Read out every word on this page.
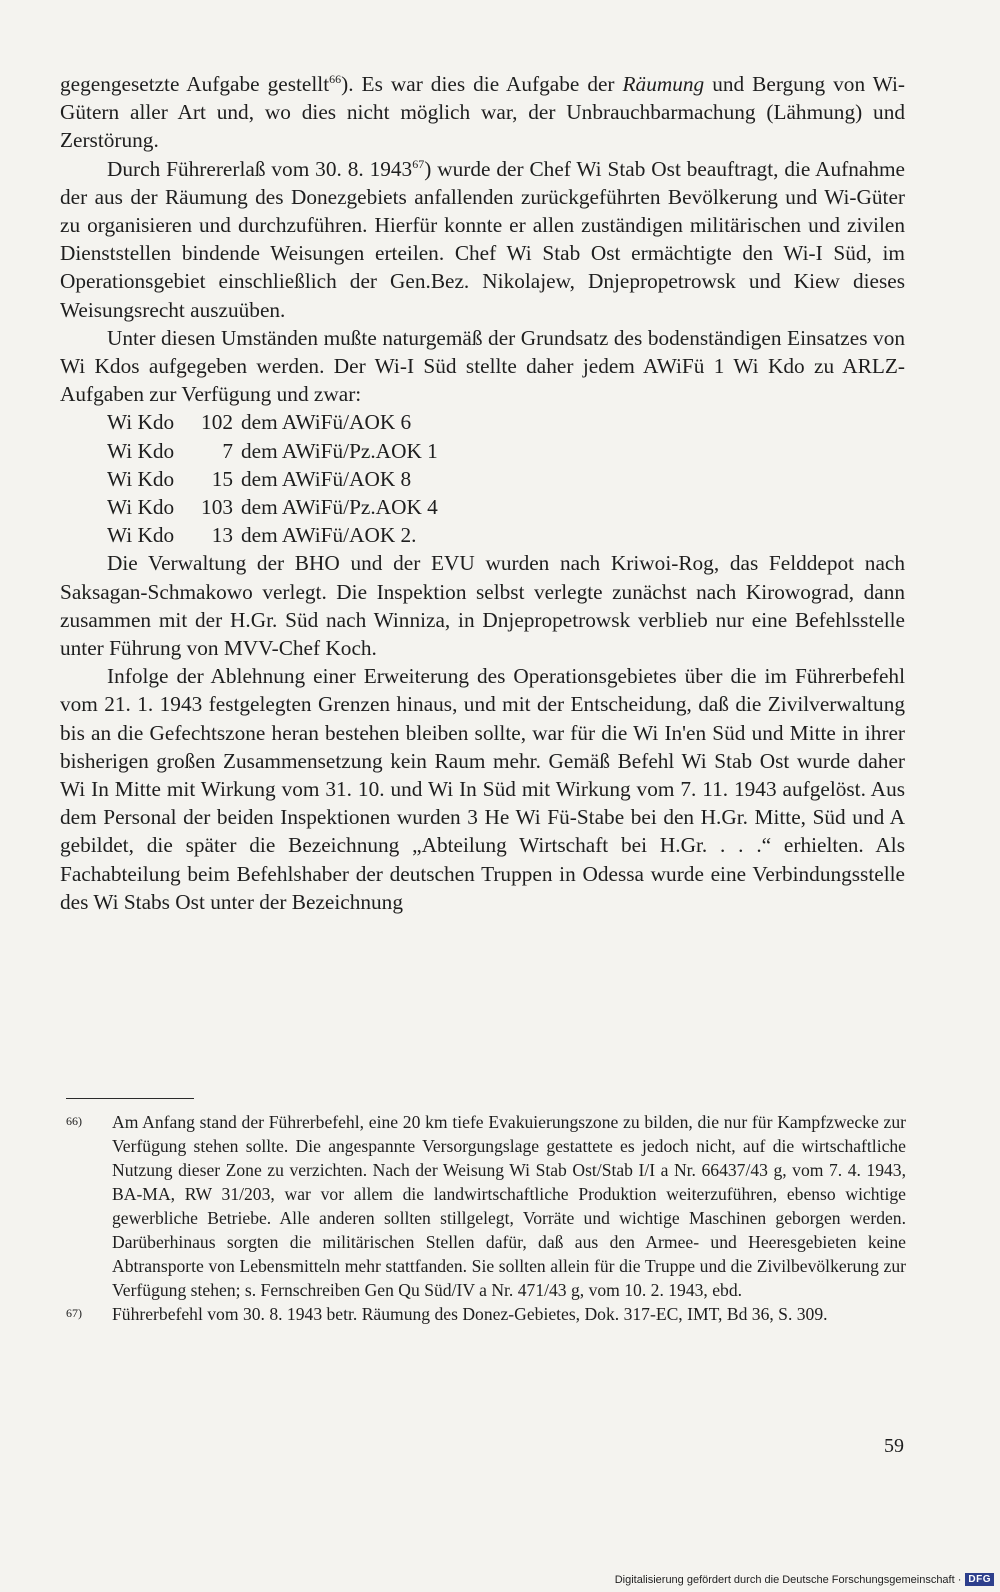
gegengesetzte Aufgabe gestellt$^{66}$). Es war dies die Aufgabe der Räumung und Bergung von Wi-Gütern aller Art und, wo dies nicht möglich war, der Unbrauchbarmachung (Lähmung) und Zerstörung.

Durch Führererlaß vom 30. 8. 1943$^{67}$) wurde der Chef Wi Stab Ost beauftragt, die Aufnahme der aus der Räumung des Donezgebiets anfallenden zurückgeführten Bevölkerung und Wi-Güter zu organisieren und durchzuführen. Hierfür konnte er allen zuständigen militärischen und zivilen Dienststellen bindende Weisungen erteilen. Chef Wi Stab Ost ermächtigte den Wi-I Süd, im Operationsgebiet einschließlich der Gen.Bez. Nikolajew, Dnjepropetrowsk und Kiew dieses Weisungsrecht auszuüben.

Unter diesen Umständen mußte naturgemäß der Grundsatz des bodenständigen Einsatzes von Wi Kdos aufgegeben werden. Der Wi-I Süd stellte daher jedem AWiFü 1 Wi Kdo zu ARLZ-Aufgaben zur Verfügung und zwar:

Wi Kdo 102 dem AWiFü/AOK 6
Wi Kdo 7 dem AWiFü/Pz.AOK 1
Wi Kdo 15 dem AWiFü/AOK 8
Wi Kdo 103 dem AWiFü/Pz.AOK 4
Wi Kdo 13 dem AWiFü/AOK 2.

Die Verwaltung der BHO und der EVU wurden nach Kriwoi-Rog, das Felddepot nach Saksagan-Schmakowo verlegt. Die Inspektion selbst verlegte zunächst nach Kirowograd, dann zusammen mit der H.Gr. Süd nach Winniza, in Dnjepropetrowsk verblieb nur eine Befehlsstelle unter Führung von MVV-Chef Koch.

Infolge der Ablehnung einer Erweiterung des Operationsgebietes über die im Führerbefehl vom 21. 1. 1943 festgelegten Grenzen hinaus, und mit der Entscheidung, daß die Zivilverwaltung bis an die Gefechtszone heran bestehen bleiben sollte, war für die Wi In'en Süd und Mitte in ihrer bisherigen großen Zusammensetzung kein Raum mehr. Gemäß Befehl Wi Stab Ost wurde daher Wi In Mitte mit Wirkung vom 31. 10. und Wi In Süd mit Wirkung vom 7. 11. 1943 aufgelöst. Aus dem Personal der beiden Inspektionen wurden 3 He Wi Fü-Stabe bei den H.Gr. Mitte, Süd und A gebildet, die später die Bezeichnung „Abteilung Wirtschaft bei H.Gr. . . .“ erhielten. Als Fachabteilung beim Befehlshaber der deutschen Truppen in Odessa wurde eine Verbindungsstelle des Wi Stabs Ost unter der Bezeichnung

66) Am Anfang stand der Führerbefehl, eine 20 km tiefe Evakuierungszone zu bilden, die nur für Kampfzwecke zur Verfügung stehen sollte. Die angespannte Versorgungslage gestattete es jedoch nicht, auf die wirtschaftliche Nutzung dieser Zone zu verzichten. Nach der Weisung Wi Stab Ost/Stab I/I a Nr. 66437/43 g, vom 7. 4. 1943, BA-MA, RW 31/203, war vor allem die landwirtschaftliche Produktion weiterzuführen, ebenso wichtige gewerbliche Betriebe. Alle anderen sollten stillgelegt, Vorräte und wichtige Maschinen geborgen werden. Darüberhinaus sorgten die militärischen Stellen dafür, daß aus den Armee- und Heeresgebieten keine Abtransporte von Lebensmitteln mehr stattfanden. Sie sollten allein für die Truppe und die Zivilbevölkerung zur Verfügung stehen; s. Fernschreiben Gen Qu Süd/IV a Nr. 471/43 g, vom 10. 2. 1943, ebd.

67) Führerbefehl vom 30. 8. 1943 betr. Räumung des Donez-Gebietes, Dok. 317-EC, IMT, Bd 36, S. 309.

59
Digitalisierung gefördert durch die Deutsche Forschungsgemeinschaft · DFG
